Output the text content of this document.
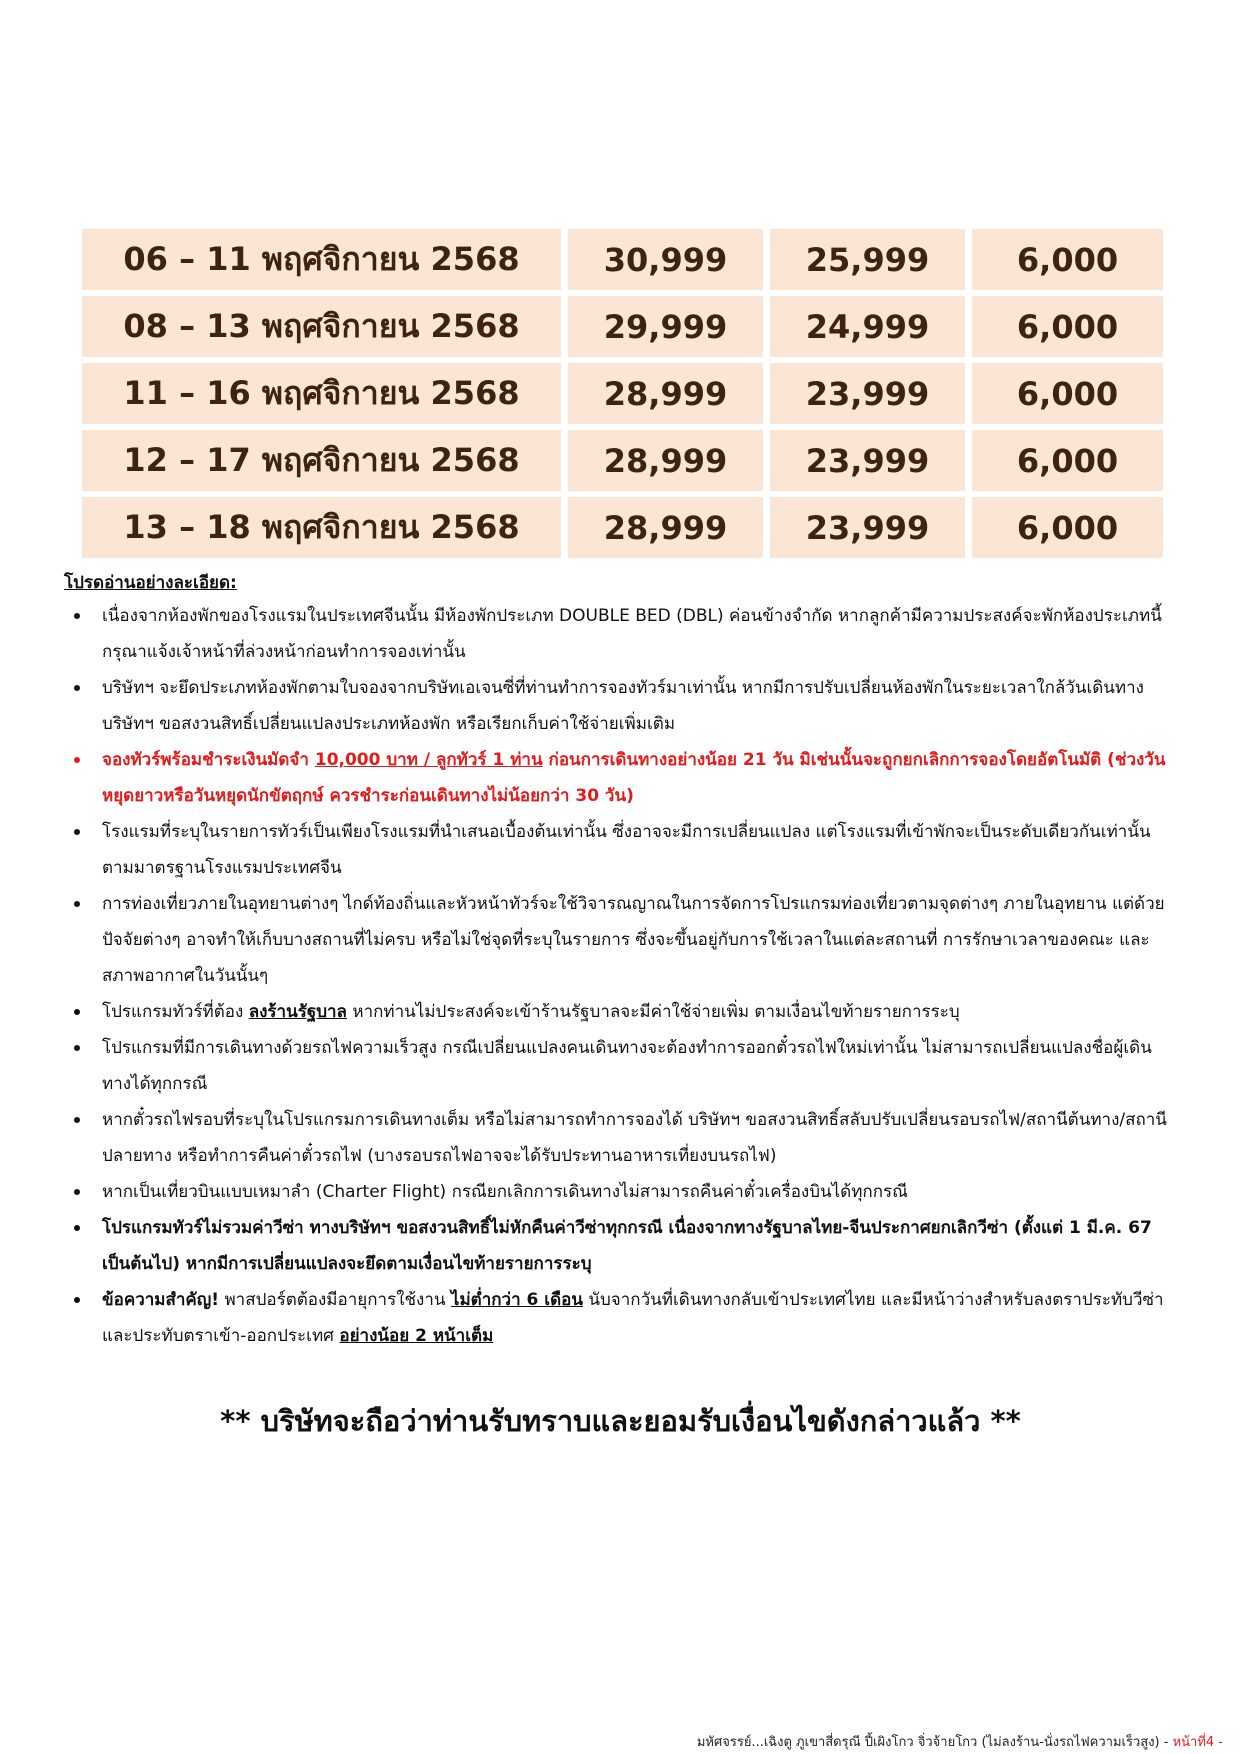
06 – 11 พฤศจิกายน 2568	30,999	25,999	6,000
08 – 13 พฤศจิกายน 2568	29,999	24,999	6,000
11 – 16 พฤศจิกายน 2568	28,999	23,999	6,000
12 – 17 พฤศจิกายน 2568	28,999	23,999	6,000
13 – 18 พฤศจิกายน 2568	28,999	23,999	6,000
โปรดอ่านอย่างละเอียด:
เนื่องจากห้องพักของโรงแรมในประเทศจีนนั้น มีห้องพักประเภท DOUBLE BED (DBL) ค่อนข้างจำกัด หากลูกค้ามีความประสงค์จะพักห้องประเภทนี้ กรุณาแจ้งเจ้าหน้าที่ล่วงหน้าก่อนทำการจองเท่านั้น
บริษัทฯ จะยึดประเภทห้องพักตามใบจองจากบริษัทเอเจนซี่ที่ท่านทำการจองทัวร์มาเท่านั้น หากมีการปรับเปลี่ยนห้องพักในระยะเวลาใกล้วันเดินทาง บริษัทฯ ขอสงวนสิทธิ์เปลี่ยนแปลงประเภทห้องพัก หรือเรียกเก็บค่าใช้จ่ายเพิ่มเติม
จองทัวร์พร้อมชำระเงินมัดจำ 10,000 บาท / ลูกทัวร์ 1 ท่าน ก่อนการเดินทางอย่างน้อย 21 วัน มิเช่นนั้นจะถูกยกเลิกการจองโดยอัตโนมัติ (ช่วงวันหยุดยาวหรือวันหยุดนักขัตฤกษ์ ควรชำระก่อนเดินทางไม่น้อยกว่า 30 วัน)
โรงแรมที่ระบุในรายการทัวร์เป็นเพียงโรงแรมที่นำเสนอเบื้องต้นเท่านั้น ซึ่งอาจจะมีการเปลี่ยนแปลง แต่โรงแรมที่เข้าพักจะเป็นระดับเดียวกันเท่านั้น ตามมาตรฐานโรงแรมประเทศจีน
การท่องเที่ยวภายในอุทยานต่างๆ ไกด์ท้องถิ่นและหัวหน้าทัวร์จะใช้วิจารณญาณในการจัดการโปรแกรมท่องเที่ยวตามจุดต่างๆ ภายในอุทยาน แต่ด้วยปัจจัยต่างๆ อาจทำให้เก็บบางสถานที่ไม่ครบ หรือไม่ใช่จุดที่ระบุในรายการ ซึ่งจะขึ้นอยู่กับการใช้เวลาในแต่ละสถานที่ การรักษาเวลาของคณะ และสภาพอากาศในวันนั้นๆ
โปรแกรมทัวร์ที่ต้อง ลงร้านรัฐบาล หากท่านไม่ประสงค์จะเข้าร้านรัฐบาลจะมีค่าใช้จ่ายเพิ่ม ตามเงื่อนไขท้ายรายการระบุ
โปรแกรมที่มีการเดินทางด้วยรถไฟความเร็วสูง กรณีเปลี่ยนแปลงคนเดินทางจะต้องทำการออกตั๋วรถไฟใหม่เท่านั้น ไม่สามารถเปลี่ยนแปลงชื่อผู้เดินทางได้ทุกกรณี
หากตั๋วรถไฟรอบที่ระบุในโปรแกรมการเดินทางเต็ม หรือไม่สามารถทำการจองได้ บริษัทฯ ขอสงวนสิทธิ์สลับปรับเปลี่ยนรอบรถไฟ/สถานีต้นทาง/สถานีปลายทาง หรือทำการคืนค่าตั๋วรถไฟ (บางรอบรถไฟอาจจะได้รับประทานอาหารเที่ยงบนรถไฟ)
หากเป็นเที่ยวบินแบบเหมาลำ (Charter Flight) กรณียกเลิกการเดินทางไม่สามารถคืนค่าตั๋วเครื่องบินได้ทุกกรณี
โปรแกรมทัวร์ไม่รวมค่าวีซ่า ทางบริษัทฯ ขอสงวนสิทธิ์ไม่หักคืนค่าวีซ่าทุกกรณี เนื่องจากทางรัฐบาลไทย-จีนประกาศยกเลิกวีซ่า (ตั้งแต่ 1 มี.ค. 67 เป็นต้นไป) หากมีการเปลี่ยนแปลงจะยึดตามเงื่อนไขท้ายรายการระบุ
ข้อความสำคัญ! พาสปอร์ตต้องมีอายุการใช้งาน ไม่ต่ำกว่า 6 เดือน นับจากวันที่เดินทางกลับเข้าประเทศไทย และมีหน้าว่างสำหรับลงตราประทับวีซ่า และประทับตราเข้า-ออกประเทศ อย่างน้อย 2 หน้าเต็ม
** บริษัทจะถือว่าท่านรับทราบและยอมรับเงื่อนไขดังกล่าวแล้ว **
มหัศจรรย์...เฉิงตู ภูเขาสี่ดรุณี ปี้เผิงโกว จิ่วจ้ายโกว (ไม่ลงร้าน-นั่งรถไฟความเร็วสูง) - หน้าที่4 -
